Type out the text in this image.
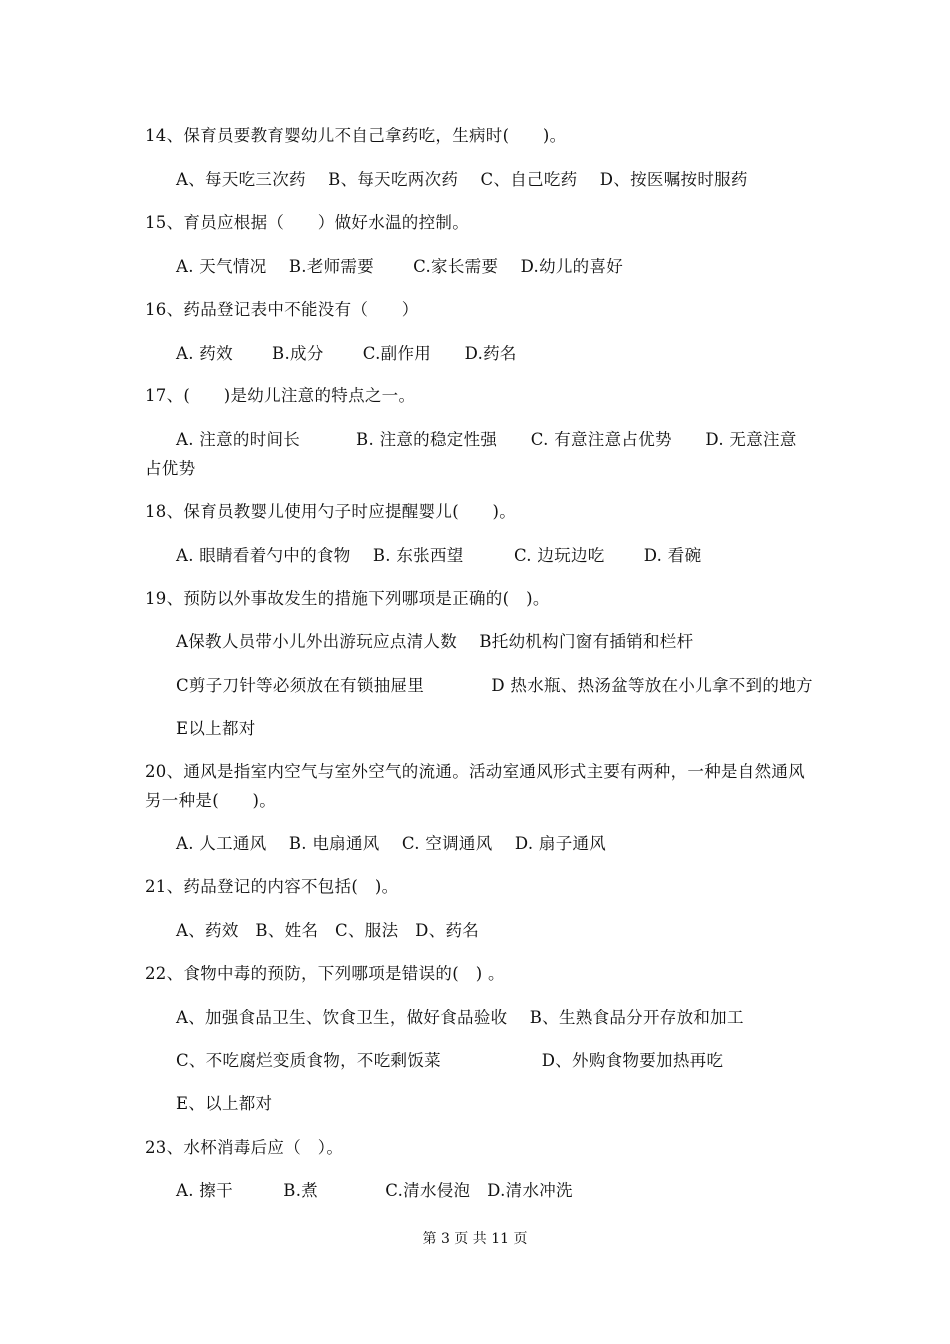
14、保育员要教育婴幼儿不自己拿药吃，生病时(　　)。
A、每天吃三次药　 B、每天吃两次药　 C、自己吃药　 D、按医嘱按时服药
15、育员应根据（　　）做好水温的控制。
A. 天气情况　 B.老师需要　　 C.家长需要　 D.幼儿的喜好
16、药品登记表中不能没有（　　）
A. 药效　　 B.成分　　 C.副作用　　D.药名
17、(　　)是幼儿注意的特点之一。
A. 注意的时间长　　　 B. 注意的稳定性强　　C. 有意注意占优势　　D. 无意注意
占优势
18、保育员教婴儿使用勺子时应提醒婴儿(　　)。
A. 眼睛看着勺中的食物　 B. 东张西望　　　C. 边玩边吃　　 D. 看碗
19、预防以外事故发生的措施下列哪项是正确的(　)。
A保教人员带小儿外出游玩应点清人数　 B托幼机构门窗有插销和栏杆
C剪子刀针等必须放在有锁抽屉里　　　　D 热水瓶、热汤盆等放在小儿拿不到的地方
E以上都对
20、通风是指室内空气与室外空气的流通。活动室通风形式主要有两种，一种是自然通风
另一种是(　　)。
A. 人工通风　 B. 电扇通风　 C. 空调通风　 D. 扇子通风
21、药品登记的内容不包括(　)。
A、药效　B、姓名　C、服法　D、药名
22、食物中毒的预防，下列哪项是错误的(　) 。
A、加强食品卫生、饮食卫生，做好食品验收　 B、生熟食品分开存放和加工
C、不吃腐烂变质食物，不吃剩饭菜　　　　　　D、外购食物要加热再吃
E、以上都对
23、水杯消毒后应（　）。
A. 擦干　　　B.煮　　　　C.清水侵泡　D.清水冲洗
第 3 页 共 11 页
